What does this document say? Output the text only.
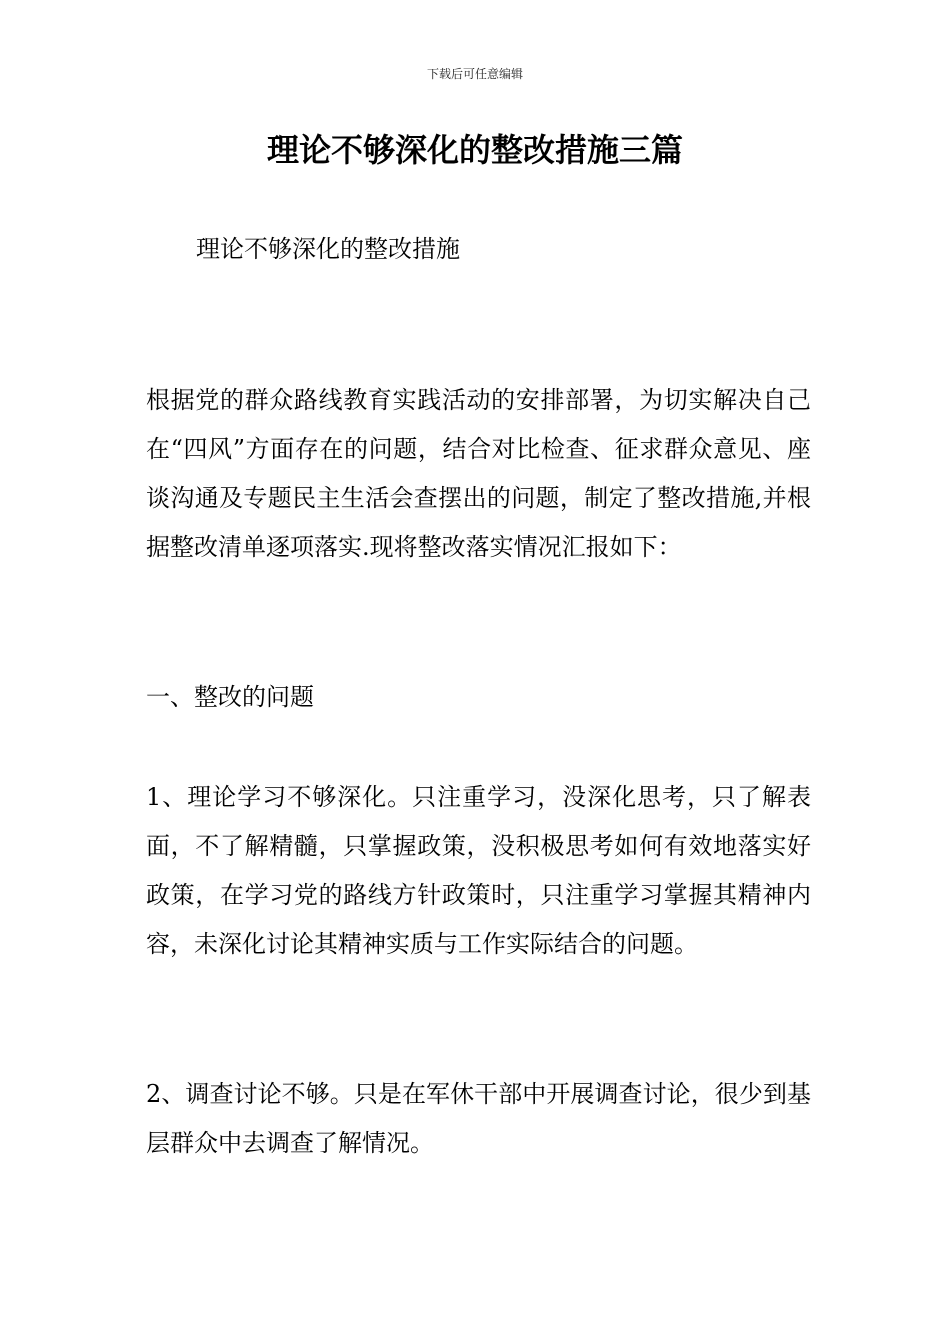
下载后可任意编辑
理论不够深化的整改措施三篇
理论不够深化的整改措施

根据党的群众路线教育实践活动的安排部署，为切实解决自己在“四风”方面存在的问题，结合对比检查、征求群众意见、座谈沟通及专题民主生活会查摆出的问题，制定了整改措施,并根据整改清单逐项落实.现将整改落实情况汇报如下：

一、整改的问题

1、理论学习不够深化。只注重学习，没深化思考，只了解表面，不了解精髓，只掌握政策，没积极思考如何有效地落实好政策，在学习党的路线方针政策时，只注重学习掌握其精神内容，未深化讨论其精神实质与工作实际结合的问题。

2、调查讨论不够。只是在军休干部中开展调查讨论，很少到基层群众中去调查了解情况。
